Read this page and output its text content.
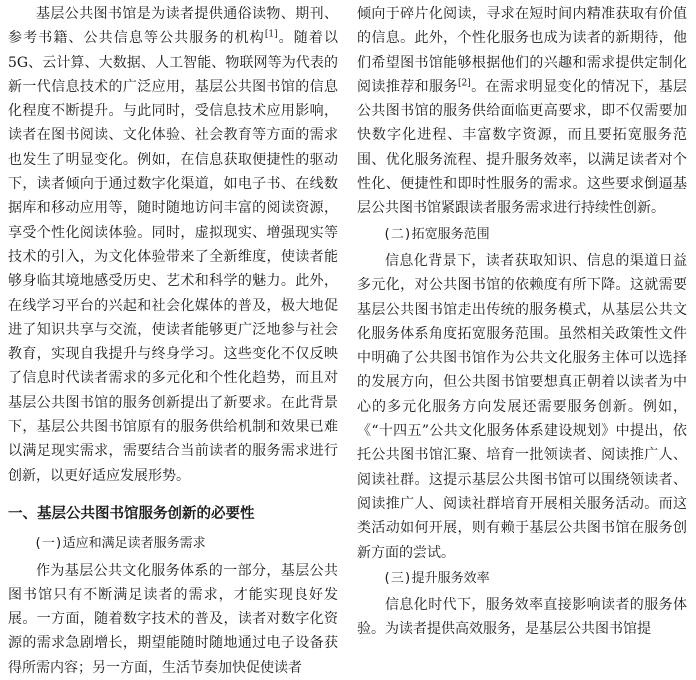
基层公共图书馆是为读者提供通俗读物、期刊、参考书籍、公共信息等公共服务的机构[1]。随着以5G、云计算、大数据、人工智能、物联网等为代表的新一代信息技术的广泛应用，基层公共图书馆的信息化程度不断提升。与此同时，受信息技术应用影响，读者在图书阅读、文化体验、社会教育等方面的需求也发生了明显变化。例如，在信息获取便捷性的驱动下，读者倾向于通过数字化渠道，如电子书、在线数据库和移动应用等，随时随地访问丰富的阅读资源，享受个性化阅读体验。同时，虚拟现实、增强现实等技术的引入，为文化体验带来了全新维度，使读者能够身临其境地感受历史、艺术和科学的魅力。此外，在线学习平台的兴起和社会化媒体的普及，极大地促进了知识共享与交流，使读者能够更广泛地参与社会教育，实现自我提升与终身学习。这些变化不仅反映了信息时代读者需求的多元化和个性化趋势，而且对基层公共图书馆的服务创新提出了新要求。在此背景下，基层公共图书馆原有的服务供给机制和效果已难以满足现实需求，需要结合当前读者的服务需求进行创新，以更好适应发展形势。

一、基层公共图书馆服务创新的必要性

(一)适应和满足读者服务需求

作为基层公共文化服务体系的一部分，基层公共图书馆只有不断满足读者的需求，才能实现良好发展。一方面，随着数字技术的普及，读者对数字化资源的需求急剧增长，期望能随时随地通过电子设备获得所需内容；另一方面，生活节奏加快促使读者

倾向于碎片化阅读，寻求在短时间内精准获取有价值的信息。此外，个性化服务也成为读者的新期待，他们希望图书馆能够根据他们的兴趣和需求提供定制化阅读推荐和服务[2]。在需求明显变化的情况下，基层公共图书馆的服务供给面临更高要求，即不仅需要加快数字化进程、丰富数字资源，而且要拓宽服务范围、优化服务流程、提升服务效率，以满足读者对个性化、便捷性和即时性服务的需求。这些要求倒逼基层公共图书馆紧跟读者服务需求进行持续性创新。

(二)拓宽服务范围

信息化背景下，读者获取知识、信息的渠道日益多元化，对公共图书馆的依赖度有所下降。这就需要基层公共图书馆走出传统的服务模式，从基层公共文化服务体系角度拓宽服务范围。虽然相关政策性文件中明确了公共图书馆作为公共文化服务主体可以选择的发展方向，但公共图书馆要想真正朝着以读者为中心的多元化服务方向发展还需要服务创新。例如，《“十四五”公共文化服务体系建设规划》中提出，依托公共图书馆汇聚、培育一批领读者、阅读推广人、阅读社群。这提示基层公共图书馆可以围绕领读者、阅读推广人、阅读社群培育开展相关服务活动。而这类活动如何开展，则有赖于基层公共图书馆在服务创新方面的尝试。

(三)提升服务效率

信息化时代下，服务效率直接影响读者的服务体验。为读者提供高效服务，是基层公共图书馆提
